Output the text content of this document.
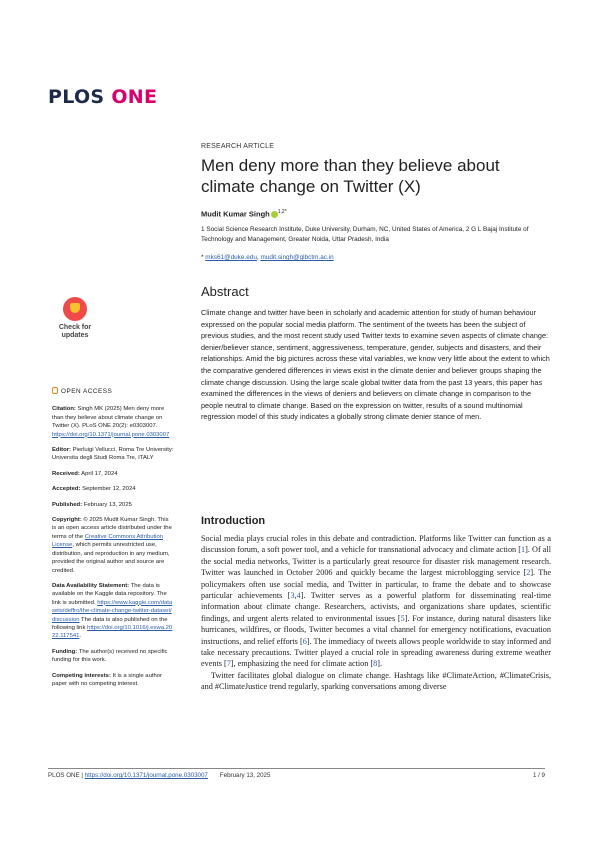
PLOS ONE
RESEARCH ARTICLE
Men deny more than they believe about climate change on Twitter (X)
Mudit Kumar Singh $^{1,2*}$
1 Social Science Research Institute, Duke University, Durham, NC, United States of America, 2 G L Bajaj Institute of Technology and Management, Greater Noida, Uttar Pradesh, India
* mks61@duke.edu, mudit.singh@glbctm.ac.in
Abstract

Climate change and twitter have been in scholarly and academic attention for study of human behaviour expressed on the popular social media platform. The sentiment of the tweets has been the subject of previous studies, and the most recent study used Twitter texts to examine seven aspects of climate change: denier/believer stance, sentiment, aggressiveness, temperature, gender, subjects and disasters, and their relationships. Amid the big pictures across these vital variables, we know very little about the extent to which the comparative gendered differences in views exist in the climate denier and believer groups shaping the climate change discussion. Using the large scale global twitter data from the past 13 years, this paper has examined the differences in the views of deniers and believers on climate change in comparison to the people neutral to climate change. Based on the expression on twitter, results of a sound multinomial regression model of this study indicates a globally strong climate denier stance of men.

Check for
updates
OPEN ACCESS

Citation: Singh MK (2025) Men deny more than they believe about climate change on Twitter (X). PLoS ONE 20(2): e0303007. https://doi.org/10.1371/journal.pone.0303007

Editor: Pierluigi Vellucci, Roma Tre University: Universita degli Studi Roma Tre, ITALY

Received: April 17, 2024

Accepted: September 12, 2024

Published: February 13, 2025

Copyright: © 2025 Mudit Kumar Singh. This is an open access article distributed under the terms of the Creative Commons Attribution License, which permits unrestricted use, distribution, and reproduction in any medium, provided the original author and source are credited.

Data Availability Statement: The data is available on the Kaggle data repository. The link is submitted. https://www.kaggle.com/datasets/deffro/the-climate-change-twitter-dataset/discussion The data is also published on the following link https://doi.org/10.1016/j.eswa.2022.117541.

Funding: The author(s) received no specific funding for this work.

Competing interests: It is a single author paper with no competing interest.

Introduction

Social media plays crucial roles in this debate and contradiction. Platforms like Twitter can function as a discussion forum, a soft power tool, and a vehicle for transnational advocacy and climate action [1]. Of all the social media networks, Twitter is a particularly great resource for disaster risk management research. Twitter was launched in October 2006 and quickly became the largest microblogging service [2]. The policymakers often use social media, and Twitter in particular, to frame the debate and to showcase particular achievements [3,4]. Twitter serves as a powerful platform for disseminating real-time information about climate change. Researchers, activists, and organizations share updates, scientific findings, and urgent alerts related to environmental issues [5]. For instance, during natural disasters like hurricanes, wildfires, or floods, Twitter becomes a vital channel for emergency notifications, evacuation instructions, and relief efforts [6]. The immediacy of tweets allows people worldwide to stay informed and take necessary precautions. Twitter played a crucial role in spreading awareness during extreme weather events [7], emphasizing the need for climate action [8].

Twitter facilitates global dialogue on climate change. Hashtags like #ClimateAction, #ClimateCrisis, and #ClimateJustice trend regularly, sparking conversations among diverse

PLOS ONE | https://doi.org/10.1371/journal.pone.0303007 February 13, 2025	1 / 9
